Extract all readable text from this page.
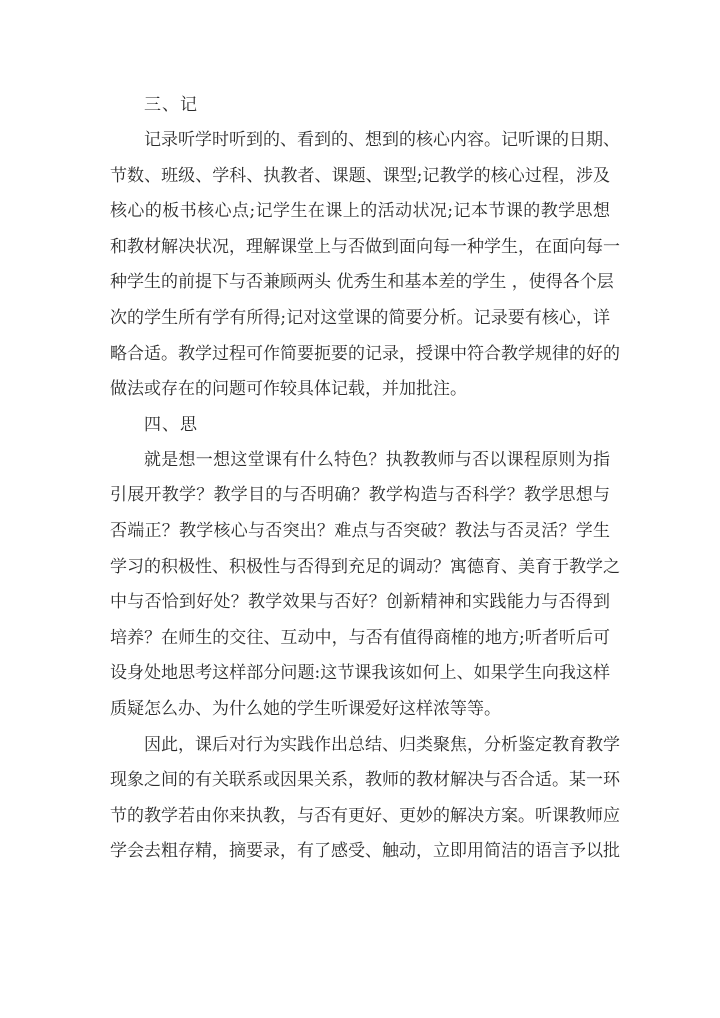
三、记

记录听学时听到的、看到的、想到的核心内容。记听课的日期、
节数、班级、学科、执教者、课题、课型;记教学的核心过程，涉及
核心的板书核心点;记学生在课上的活动状况;记本节课的教学思想
和教材解决状况，理解课堂上与否做到面向每一种学生，在面向每一
种学生的前提下与否兼顾两头 优秀生和基本差的学生 ，使得各个层
次的学生所有学有所得;记对这堂课的简要分析。记录要有核心，详
略合适。教学过程可作简要扼要的记录，授课中符合教学规律的好的
做法或存在的问题可作较具体记载，并加批注。

四、思

就是想一想这堂课有什么特色？执教教师与否以课程原则为指
引展开教学？教学目的与否明确？教学构造与否科学？教学思想与
否端正？教学核心与否突出？难点与否突破？教法与否灵活？学生
学习的积极性、积极性与否得到充足的调动？寓德育、美育于教学之
中与否恰到好处？教学效果与否好？创新精神和实践能力与否得到
培养？在师生的交往、互动中，与否有值得商榷的地方;听者听后可
设身处地思考这样部分问题:这节课我该如何上、如果学生向我这样
质疑怎么办、为什么她的学生听课爱好这样浓等等。

因此，课后对行为实践作出总结、归类聚焦，分析鉴定教育教学
现象之间的有关联系或因果关系，教师的教材解决与否合适。某一环
节的教学若由你来执教，与否有更好、更妙的解决方案。听课教师应
学会去粗存精，摘要录，有了感受、触动，立即用简洁的语言予以批
